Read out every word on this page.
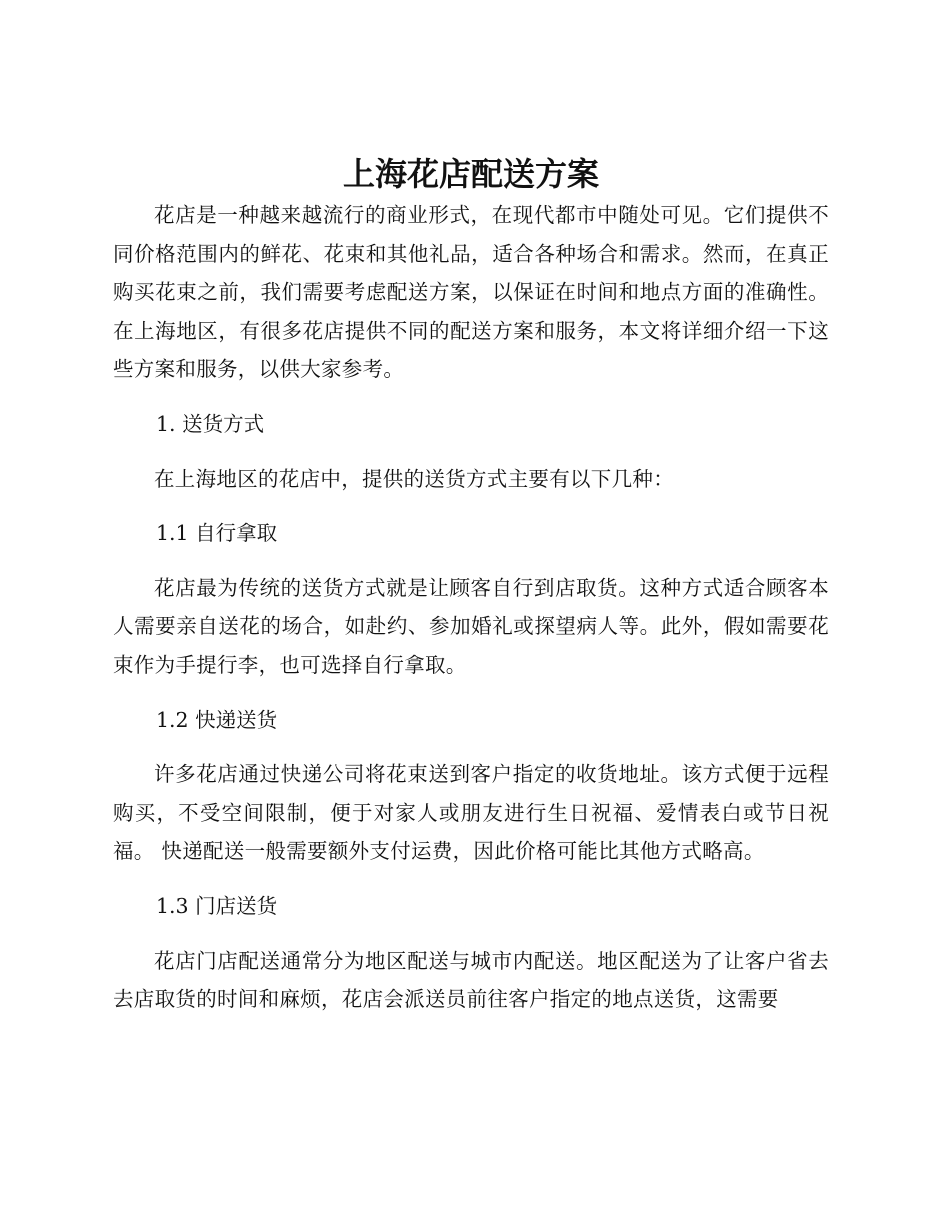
上海花店配送方案

花店是一种越来越流行的商业形式，在现代都市中随处可见。它们提供不同价格范围内的鲜花、花束和其他礼品，适合各种场合和需求。然而，在真正购买花束之前，我们需要考虑配送方案，以保证在时间和地点方面的准确性。在上海地区，有很多花店提供不同的配送方案和服务，本文将详细介绍一下这些方案和服务，以供大家参考。

1. 送货方式

在上海地区的花店中，提供的送货方式主要有以下几种：

1.1 自行拿取

花店最为传统的送货方式就是让顾客自行到店取货。这种方式适合顾客本人需要亲自送花的场合，如赴约、参加婚礼或探望病人等。此外，假如需要花束作为手提行李，也可选择自行拿取。

1.2 快递送货

许多花店通过快递公司将花束送到客户指定的收货地址。该方式便于远程购买，不受空间限制，便于对家人或朋友进行生日祝福、爱情表白或节日祝福。 快递配送一般需要额外支付运费，因此价格可能比其他方式略高。

1.3 门店送货

花店门店配送通常分为地区配送与城市内配送。地区配送为了让客户省去去店取货的时间和麻烦，花店会派送员前往客户指定的地点送货，这需要
